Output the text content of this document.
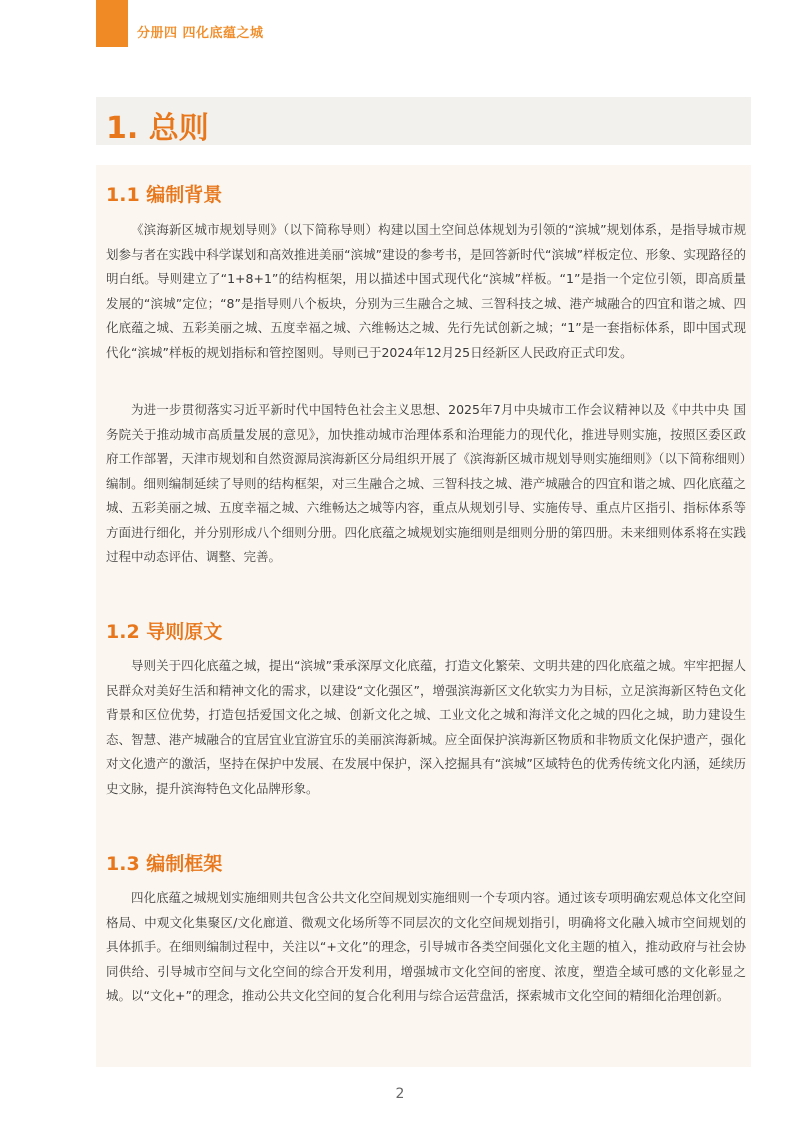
分册四 四化底蕴之城
1. 总则
1.1 编制背景

《滨海新区城市规划导则》（以下简称导则）构建以国土空间总体规划为引领的“滨城”规划体系，是指导城市规划参与者在实践中科学谋划和高效推进美丽“滨城”建设的参考书，是回答新时代“滨城”样板定位、形象、实现路径的明白纸。导则建立了“1+8+1”的结构框架，用以描述中国式现代化“滨城”样板。“1”是指一个定位引领，即高质量发展的“滨城”定位；“8”是指导则八个板块，分别为三生融合之城、三智科技之城、港产城融合的四宜和谐之城、四化底蕴之城、五彩美丽之城、五度幸福之城、六维畅达之城、先行先试创新之城；“1”是一套指标体系，即中国式现代化“滨城”样板的规划指标和管控图则。导则已于2024年12月25日经新区人民政府正式印发。

为进一步贯彻落实习近平新时代中国特色社会主义思想、2025年7月中央城市工作会议精神以及《中共中央 国务院关于推动城市高质量发展的意见》，加快推动城市治理体系和治理能力的现代化，推进导则实施，按照区委区政府工作部署，天津市规划和自然资源局滨海新区分局组织开展了《滨海新区城市规划导则实施细则》（以下简称细则）编制。细则编制延续了导则的结构框架，对三生融合之城、三智科技之城、港产城融合的四宜和谐之城、四化底蕴之城、五彩美丽之城、五度幸福之城、六维畅达之城等内容，重点从规划引导、实施传导、重点片区指引、指标体系等方面进行细化，并分别形成八个细则分册。四化底蕴之城规划实施细则是细则分册的第四册。未来细则体系将在实践过程中动态评估、调整、完善。

1.2 导则原文

导则关于四化底蕴之城，提出“滨城”秉承深厚文化底蕴，打造文化繁荣、文明共建的四化底蕴之城。牢牢把握人民群众对美好生活和精神文化的需求，以建设“文化强区”，增强滨海新区文化软实力为目标，立足滨海新区特色文化背景和区位优势，打造包括爱国文化之城、创新文化之城、工业文化之城和海洋文化之城的四化之城，助力建设生态、智慧、港产城融合的宜居宜业宜游宜乐的美丽滨海新城。应全面保护滨海新区物质和非物质文化保护遗产，强化对文化遗产的激活，坚持在保护中发展、在发展中保护，深入挖掘具有“滨城”区域特色的优秀传统文化内涵，延续历史文脉，提升滨海特色文化品牌形象。

1.3 编制框架

四化底蕴之城规划实施细则共包含公共文化空间规划实施细则一个专项内容。通过该专项明确宏观总体文化空间格局、中观文化集聚区/文化廊道、微观文化场所等不同层次的文化空间规划指引，明确将文化融入城市空间规划的具体抓手。在细则编制过程中，关注以“+文化”的理念，引导城市各类空间强化文化主题的植入，推动政府与社会协同供给、引导城市空间与文化空间的综合开发利用，增强城市文化空间的密度、浓度，塑造全域可感的文化彰显之城。以“文化+”的理念，推动公共文化空间的复合化利用与综合运营盘活，探索城市文化空间的精细化治理创新。

2
